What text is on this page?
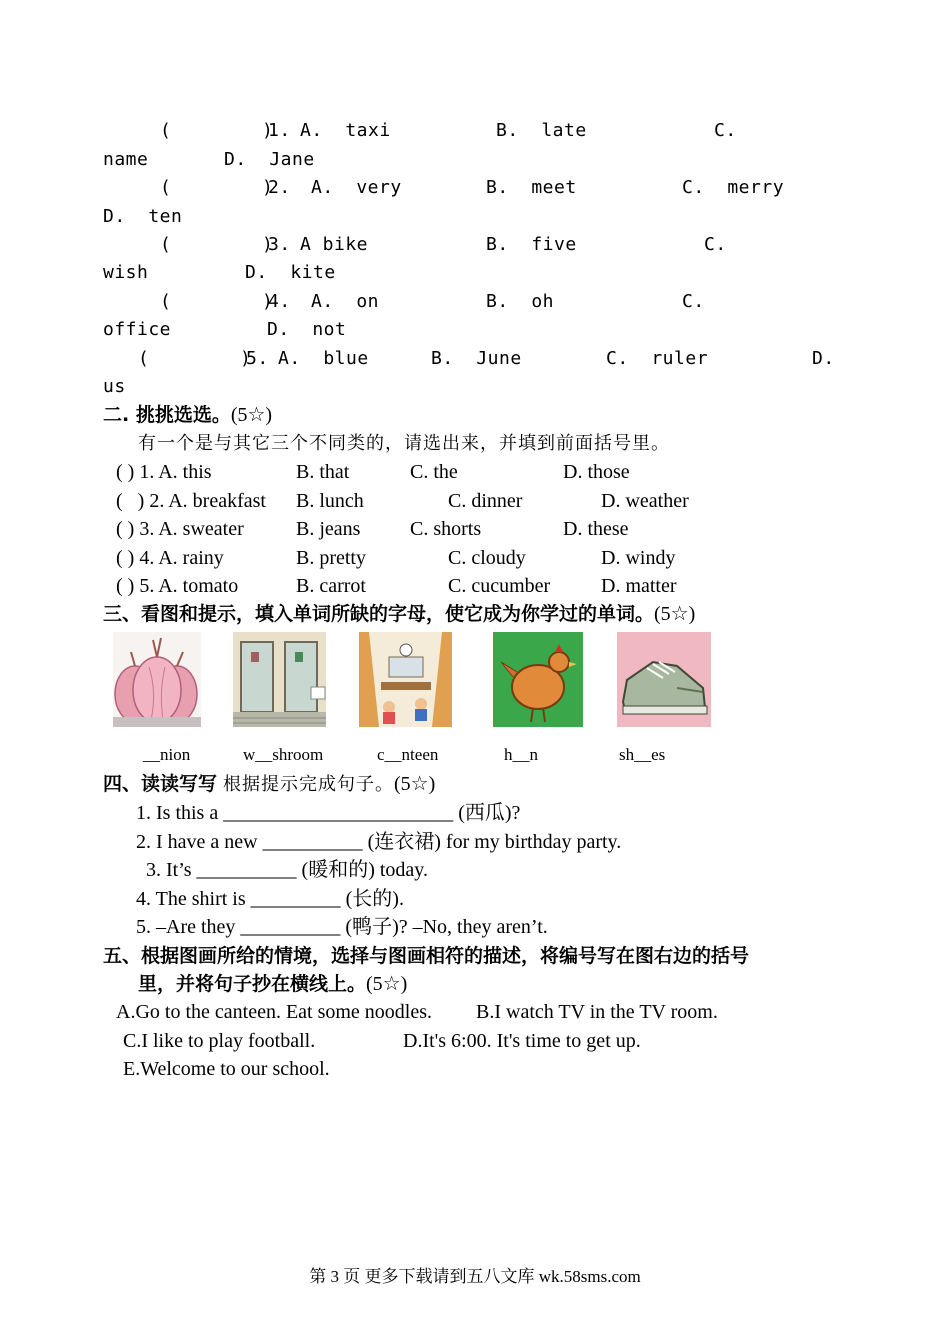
(        )
1. A.  taxi	B.  late	C.
name	D.  Jane
(        )
2. A.  very	B.  meet	C.  merry
D.  ten
(        )
3. A bike	B.  five	C.
wish	D.  kite
(        )
4. A.  on	B.  oh	C.
office	D.  not
(        )
5. A.  blue	B.  June	C.  ruler	D.
us
二. 挑挑选选。(5☆)
有一个是与其它三个不同类的，请选出来，并填到前面括号里。
( ) 1. A. this	B. that	C. the	D. those
(   ) 2. A. breakfast B. lunch	C. dinner	D. weather
( ) 3. A. sweater	B. jeans C. shorts	D. these
( ) 4. A. rainy	B. pretty	C. cloudy	D. windy
( ) 5. A. tomato	B. carrot	C. cucumber	D. matter
三、看图和提示，填入单词所缺的字母，使它成为你学过的单词。(5☆)
__nion	w__shroom	c__nteen	h__n	sh__es
四、读读写写 根据提示完成句子。(5☆)
1. Is this a _______________________ (西瓜)?
2. I have a new __________ (连衣裙) for my birthday party.
3. It’s __________ (暖和的) today.
4. The shirt is _________ (长的).
5. –Are they __________ (鸭子)? –No, they aren’t.
五、根据图画所给的情境，选择与图画相符的描述，将编号写在图右边的括号
里，并将句子抄在横线上。(5☆)
A.Go to the canteen. Eat some noodles. B.I watch TV in the TV room.
C.I like to play football.	D.It's 6:00. It's time to get up.
E.Welcome to our school.
第 3 页 更多下载请到五八文库 wk.58sms.com
